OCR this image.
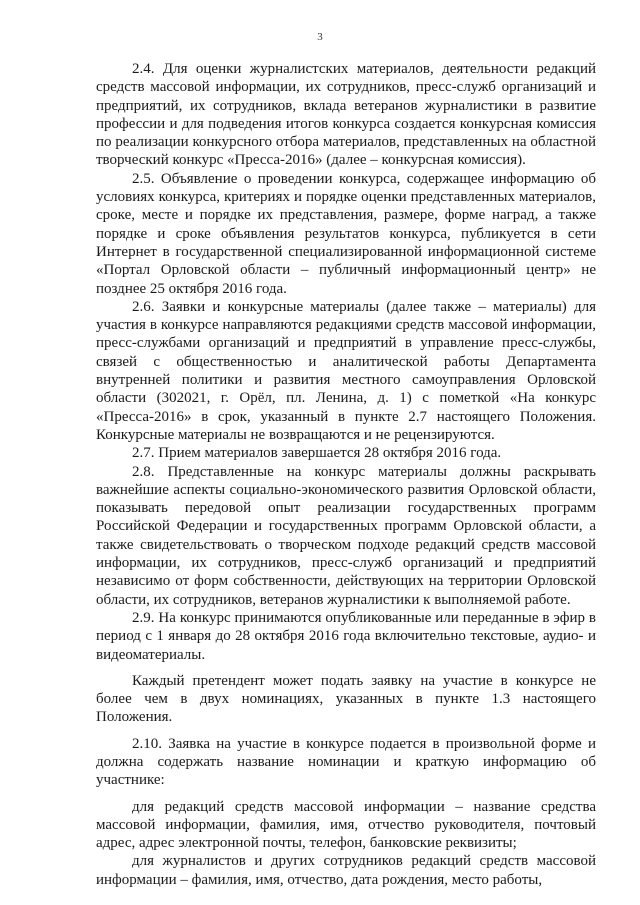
3

2.4. Для оценки журналистских материалов, деятельности редакций средств массовой информации, их сотрудников, пресс-служб организаций и предприятий, их сотрудников, вклада ветеранов журналистики в развитие профессии и для подведения итогов конкурса создается конкурсная комиссия по реализации конкурсного отбора материалов, представленных на областной творческий конкурс «Пресса-2016» (далее – конкурсная комиссия).

2.5. Объявление о проведении конкурса, содержащее информацию об условиях конкурса, критериях и порядке оценки представленных материалов, сроке, месте и порядке их представления, размере, форме наград, а также порядке и сроке объявления результатов конкурса, публикуется в сети Интернет в государственной специализированной информационной системе «Портал Орловской области – публичный информационный центр» не позднее 25 октября 2016 года.

2.6. Заявки и конкурсные материалы (далее также – материалы) для участия в конкурсе направляются редакциями средств массовой информации, пресс-службами организаций и предприятий в управление пресс-службы, связей с общественностью и аналитической работы Департамента внутренней политики и развития местного самоуправления Орловской области (302021, г. Орёл, пл. Ленина, д. 1) с пометкой «На конкурс «Пресса-2016» в срок, указанный в пункте 2.7 настоящего Положения. Конкурсные материалы не возвращаются и не рецензируются.

2.7. Прием материалов завершается 28 октября 2016 года.

2.8. Представленные на конкурс материалы должны раскрывать важнейшие аспекты социально-экономического развития Орловской области, показывать передовой опыт реализации государственных программ Российской Федерации и государственных программ Орловской области, а также свидетельствовать о творческом подходе редакций средств массовой информации, их сотрудников, пресс-служб организаций и предприятий независимо от форм собственности, действующих на территории Орловской области, их сотрудников, ветеранов журналистики к выполняемой работе.

2.9. На конкурс принимаются опубликованные или переданные в эфир в период с 1 января до 28 октября 2016 года включительно текстовые, аудио- и видеоматериалы.

Каждый претендент может подать заявку на участие в конкурсе не более чем в двух номинациях, указанных в пункте 1.3 настоящего Положения.

2.10. Заявка на участие в конкурсе подается в произвольной форме и должна содержать название номинации и краткую информацию об участнике:

для редакций средств массовой информации – название средства массовой информации, фамилия, имя, отчество руководителя, почтовый адрес, адрес электронной почты, телефон, банковские реквизиты;

для журналистов и других сотрудников редакций средств массовой информации – фамилия, имя, отчество, дата рождения, место работы,
